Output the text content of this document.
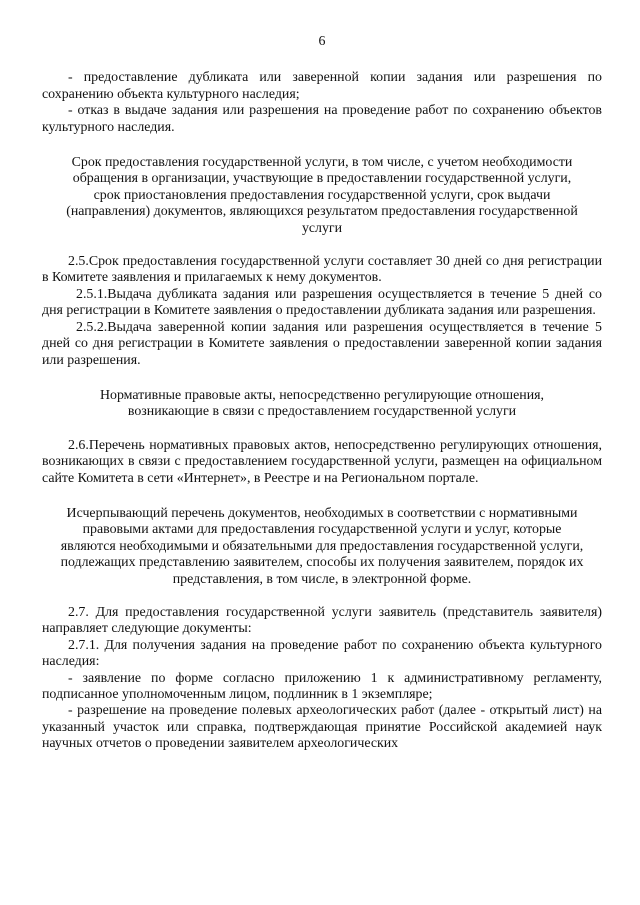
6

- предоставление дубликата или заверенной копии задания или разрешения по сохранению объекта культурного наследия;

- отказ в выдаче задания или разрешения на проведение работ по сохранению объектов культурного наследия.

Срок предоставления государственной услуги, в том числе, с учетом необходимости обращения в организации, участвующие в предоставлении государственной услуги, срок приостановления предоставления государственной услуги, срок выдачи (направления) документов, являющихся результатом предоставления государственной услуги

2.5.Срок предоставления государственной услуги составляет 30 дней со дня регистрации в Комитете заявления и прилагаемых к нему документов.

2.5.1.Выдача дубликата задания или разрешения осуществляется в течение 5 дней со дня регистрации в Комитете заявления о предоставлении дубликата задания или разрешения.

2.5.2.Выдача заверенной копии задания или разрешения осуществляется в течение 5 дней со дня регистрации в Комитете заявления о предоставлении заверенной копии задания или разрешения.

Нормативные правовые акты, непосредственно регулирующие отношения, возникающие в связи с предоставлением государственной услуги

2.6.Перечень нормативных правовых актов, непосредственно регулирующих отношения, возникающих в связи с предоставлением государственной услуги, размещен на официальном сайте Комитета в сети «Интернет», в Реестре и на Региональном портале.

Исчерпывающий перечень документов, необходимых в соответствии с нормативными правовыми актами для предоставления государственной услуги и услуг, которые являются необходимыми и обязательными для предоставления государственной услуги, подлежащих представлению заявителем, способы их получения заявителем, порядок их представления, в том числе, в электронной форме.

2.7. Для предоставления государственной услуги заявитель (представитель заявителя) направляет следующие документы:

2.7.1. Для получения задания на проведение работ по сохранению объекта культурного наследия:

- заявление по форме согласно приложению 1 к административному регламенту, подписанное уполномоченным лицом, подлинник в 1 экземпляре;

- разрешение на проведение полевых археологических работ (далее - открытый лист) на указанный участок или справка, подтверждающая принятие Российской академией наук научных отчетов о проведении заявителем археологических
